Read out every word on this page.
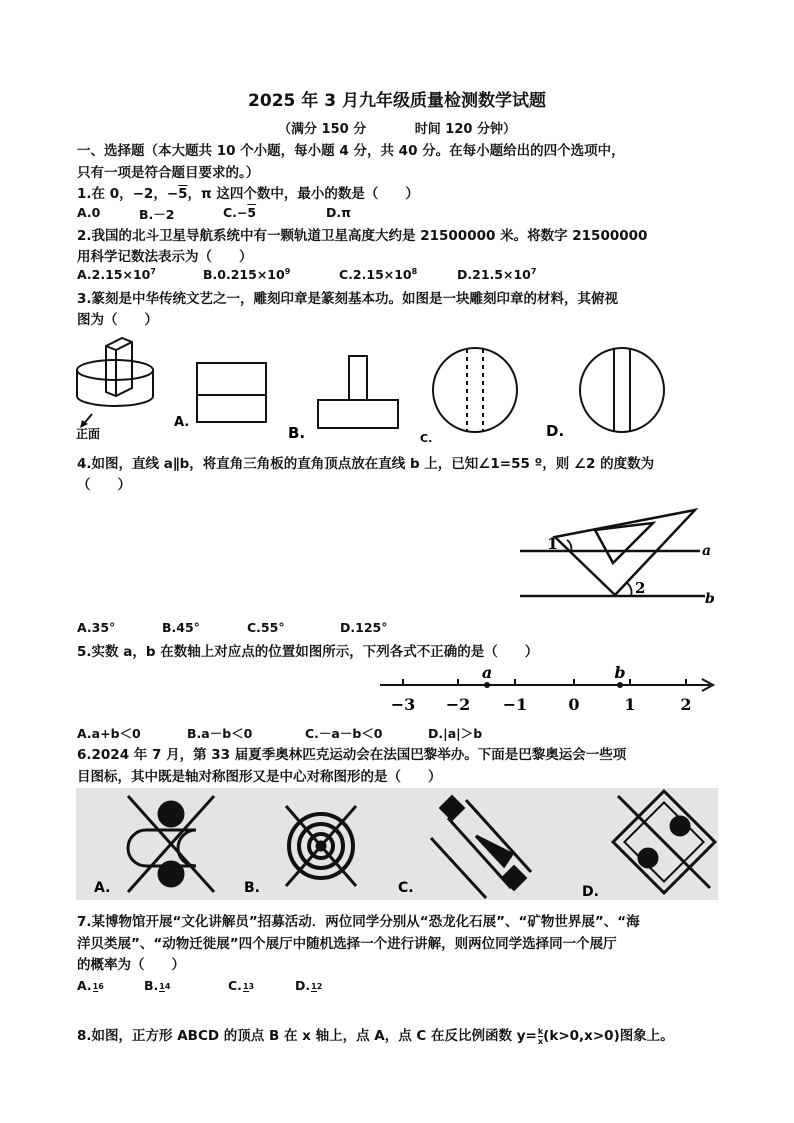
2025 年 3 月九年级质量检测数学试题
（满分 150 分	时间 120 分钟）
一、选择题（本大题共 10 个小题，每小题 4 分，共 40 分。在每小题给出的四个选项中，
只有一项是符合题目要求的。）
1.在 0，−2，−5，π 这四个数中，最小的数是（　　）
A.0	B.－2	C.−5	D.π
2.我国的北斗卫星导航系统中有一颗轨道卫星高度大约是 21500000 米。将数字 21500000
用科学记数法表示为（　　）
$A.2.15\times 10^7$	$B.0.215\times 10^9$	$C.2.15\times 10^8$	$D.21.5\times 10^7$
3.篆刻是中华传统文艺之一，雕刻印章是篆刻基本功。如图是一块雕刻印章的材料，其俯视
图为（　　）
正面
A.
B.	C.	D.
4.如图，直线 a∥b，将直角三角板的直角顶点放在直线 b 上，已知∠1=55 º，则 ∠2 的度数为
（　　）
1
2
a
b
A.35°	B.45°	C.55°	D.125°
5.实数 a，b 在数轴上对应点的位置如图所示，下列各式不正确的是（　　）
−3 −2 −1	0	1	2
a	b
A.a+b＜0	B.a－b＜0	C.－a－b＜0	D.|a|＞b
6.2024 年 7 月，第 33 届夏季奥林匹克运动会在法国巴黎举办。下面是巴黎奥运会一些项
目图标，其中既是轴对称图形又是中心对称图形的是（　　）
A.	B.	C.	D.
7.某博物馆开展“文化讲解员”招募活动．两位同学分别从“恐龙化石展”、“矿物世界展”、“海
洋贝类展”、“动物迁徙展”四个展厅中随机选择一个进行讲解，则两位同学选择同一个展厅
的概率为（　　）
A.16	B.14	C.13	D.12
8.如图，正方形 ABCD 的顶点 B 在 x 轴上，点 A，点 C 在反比例函数 $y= \frac{k}{x} (k>0,x>0)$图象上。
